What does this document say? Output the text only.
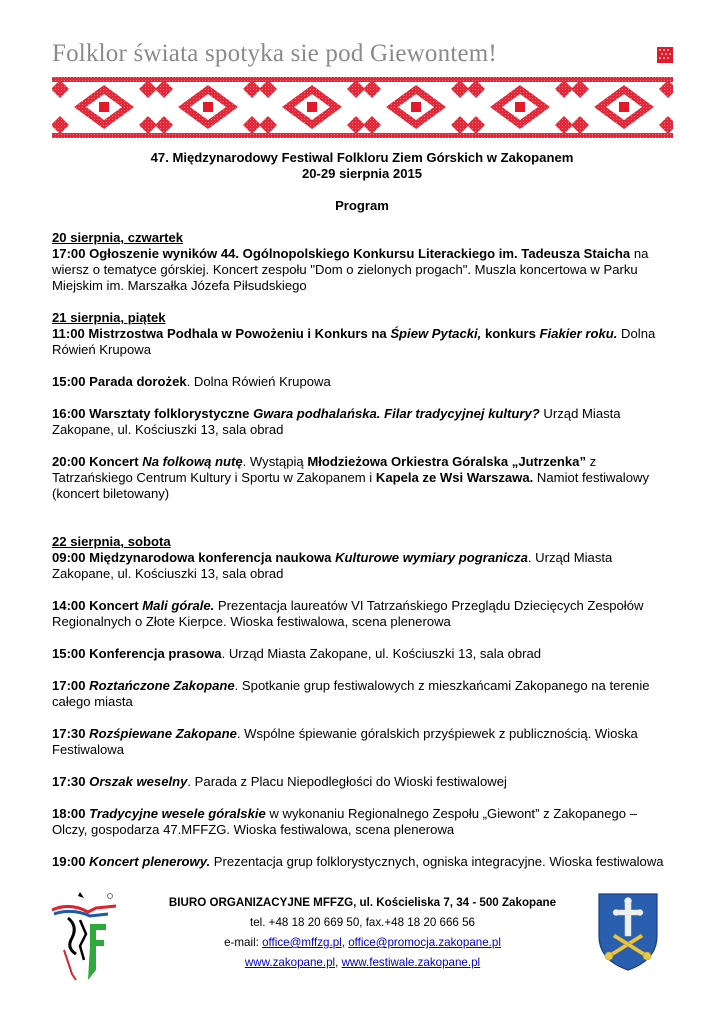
Folklor świata spotyka sie pod Giewontem!

47. Międzynarodowy Festiwal Folkloru Ziem Górskich w Zakopanem

20-29 sierpnia 2015

Program

20 sierpnia, czwartek

17:00 Ogłoszenie wyników 44. Ogólnopolskiego Konkursu Literackiego im. Tadeusza Staicha na wiersz o tematyce górskiej. Koncert zespołu "Dom o zielonych progach". Muszla koncertowa w Parku Miejskim im. Marszałka Józefa Piłsudskiego

21 sierpnia, piątek

11:00 Mistrzostwa Podhala w Powożeniu i Konkurs na Śpiew Pytacki, konkurs Fiakier roku. Dolna Rówień Krupowa

15:00 Parada dorożek. Dolna Rówień Krupowa

16:00 Warsztaty folklorystyczne Gwara podhalańska. Filar tradycyjnej kultury? Urząd Miasta Zakopane, ul. Kościuszki 13, sala obrad

20:00 Koncert Na folkową nutę. Wystąpią Młodzieżowa Orkiestra Góralska „Jutrzenka” z Tatrzańskiego Centrum Kultury i Sportu w Zakopanem i Kapela ze Wsi Warszawa. Namiot festiwalowy (koncert biletowany)

22 sierpnia, sobota

09:00 Międzynarodowa konferencja naukowa Kulturowe wymiary pogranicza. Urząd Miasta Zakopane, ul. Kościuszki 13, sala obrad

14:00 Koncert Mali górale. Prezentacja laureatów VI Tatrzańskiego Przeglądu Dziecięcych Zespołów Regionalnych o Złote Kierpce. Wioska festiwalowa, scena plenerowa

15:00 Konferencja prasowa. Urząd Miasta Zakopane, ul. Kościuszki 13, sala obrad

17:00 Roztańczone Zakopane. Spotkanie grup festiwalowych z mieszkańcami Zakopanego na terenie całego miasta

17:30 Rozśpiewane Zakopane. Wspólne śpiewanie góralskich przyśpiewek z publicznością. Wioska Festiwalowa

17:30 Orszak weselny. Parada z Placu Niepodległości do Wioski festiwalowej

18:00 Tradycyjne wesele góralskie w wykonaniu Regionalnego Zespołu „Giewont” z Zakopanego – Olczy, gospodarza 47.MFFZG. Wioska festiwalowa, scena plenerowa

19:00 Koncert plenerowy. Prezentacja grup folklorystycznych, ogniska integracyjne. Wioska festiwalowa

BIURO ORGANIZACYJNE MFFZG, ul. Kościeliska 7, 34 - 500 Zakopane
tel. +48 18 20 669 50, fax.+48 18 20 666 56
e-mail: office@mffzg.pl, office@promocja.zakopane.pl
www.zakopane.pl, www.festiwale.zakopane.pl
